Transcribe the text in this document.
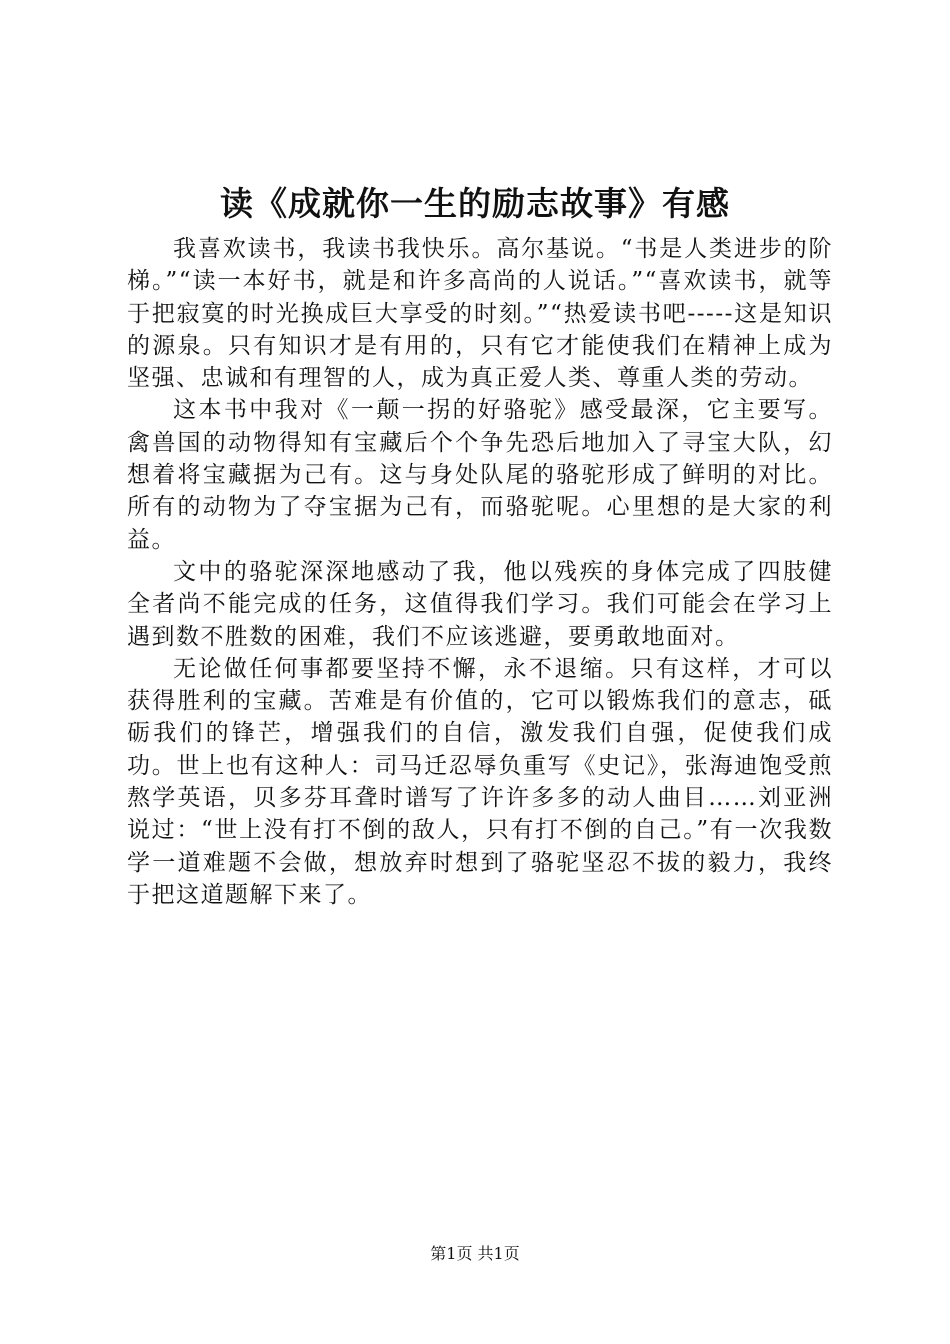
读《成就你一生的励志故事》有感

我喜欢读书，我读书我快乐。高尔基说。“书是人类进步的阶梯。”“读一本好书，就是和许多高尚的人说话。”“喜欢读书，就等于把寂寞的时光换成巨大享受的时刻。”“热爱读书吧-----这是知识的源泉。只有知识才是有用的，只有它才能使我们在精神上成为坚强、忠诚和有理智的人，成为真正爱人类、尊重人类的劳动。

这本书中我对《一颠一拐的好骆驼》感受最深，它主要写。禽兽国的动物得知有宝藏后个个争先恐后地加入了寻宝大队，幻想着将宝藏据为己有。这与身处队尾的骆驼形成了鲜明的对比。所有的动物为了夺宝据为己有，而骆驼呢。心里想的是大家的利益。

文中的骆驼深深地感动了我，他以残疾的身体完成了四肢健全者尚不能完成的任务，这值得我们学习。我们可能会在学习上遇到数不胜数的困难，我们不应该逃避，要勇敢地面对。

无论做任何事都要坚持不懈，永不退缩。只有这样，才可以获得胜利的宝藏。苦难是有价值的，它可以锻炼我们的意志，砥砺我们的锋芒，增强我们的自信，激发我们自强，促使我们成功。世上也有这种人：司马迁忍辱负重写《史记》，张海迪饱受煎熬学英语，贝多芬耳聋时谱写了许许多多的动人曲目……刘亚洲说过：“世上没有打不倒的敌人，只有打不倒的自己。”有一次我数学一道难题不会做，想放弃时想到了骆驼坚忍不拔的毅力，我终于把这道题解下来了。

第1页 共1页
